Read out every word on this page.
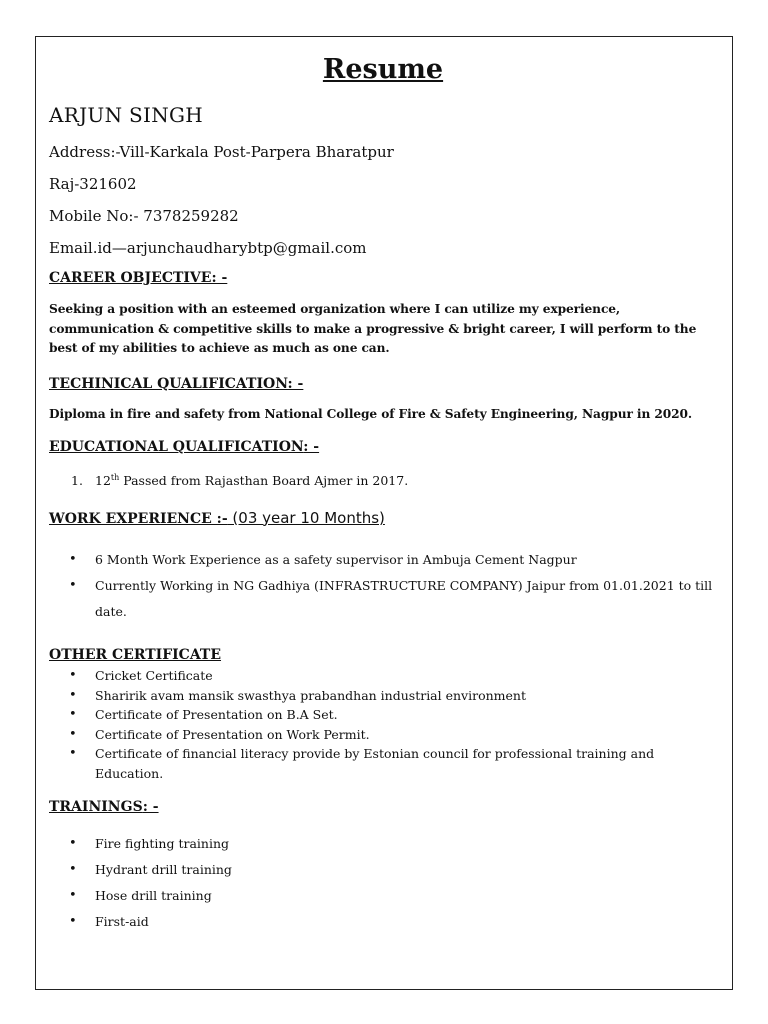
Resume
ARJUN SINGH
Address:-Vill-Karkala Post-Parpera Bharatpur
Raj-321602
Mobile No:- 7378259282
Email.id—arjunchaudharybtp@gmail.com
CAREER OBJECTIVE: -
Seeking a position with an esteemed organization where I can utilize my experience, communication & competitive skills to make a progressive & bright career, I will perform to the best of my abilities to achieve as much as one can.
TECHINICAL QUALIFICATION: -
Diploma in fire and safety from National College of Fire & Safety Engineering, Nagpur in 2020.
EDUCATIONAL QUALIFICATION: -
1. 12th Passed from Rajasthan Board Ajmer in 2017.
WORK EXPERIENCE :- (03 year 10 Months)
• 6 Month Work Experience as a safety supervisor in Ambuja Cement Nagpur
• Currently Working in NG Gadhiya (INFRASTRUCTURE COMPANY) Jaipur from 01.01.2021 to till date.
OTHER CERTIFICATE
• Cricket Certificate
• Sharirik avam mansik swasthya prabandhan industrial environment
• Certificate of Presentation on B.A Set.
• Certificate of Presentation on Work Permit.
• Certificate of financial literacy provide by Estonian council for professional training and Education.
TRAININGS: -
• Fire fighting training
• Hydrant drill training
• Hose drill training
• First-aid
